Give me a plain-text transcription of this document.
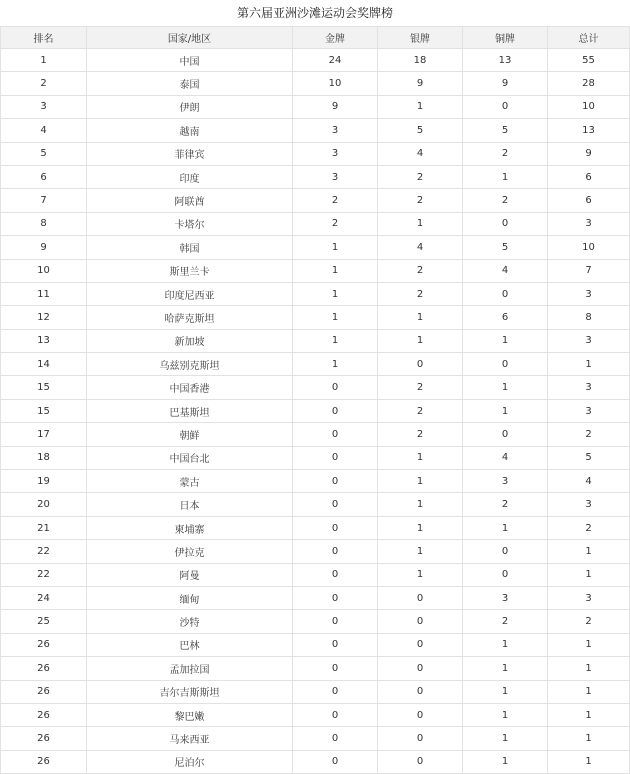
第六届亚洲沙滩运动会奖牌榜
排名	国家/地区	金牌	银牌	铜牌	总计
1	中国	24	18	13	55
2	泰国	10	9	9	28
3	伊朗	9	1	0	10
4	越南	3	5	5	13
5	菲律宾	3	4	2	9
6	印度	3	2	1	6
7	阿联酋	2	2	2	6
8	卡塔尔	2	1	0	3
9	韩国	1	4	5	10
10	斯里兰卡	1	2	4	7
11	印度尼西亚	1	2	0	3
12	哈萨克斯坦	1	1	6	8
13	新加坡	1	1	1	3
14	乌兹别克斯坦	1	0	0	1
15	中国香港	0	2	1	3
15	巴基斯坦	0	2	1	3
17	朝鲜	0	2	0	2
18	中国台北	0	1	4	5
19	蒙古	0	1	3	4
20	日本	0	1	2	3
21	柬埔寨	0	1	1	2
22	伊拉克	0	1	0	1
22	阿曼	0	1	0	1
24	缅甸	0	0	3	3
25	沙特	0	0	2	2
26	巴林	0	0	1	1
26	孟加拉国	0	0	1	1
26	吉尔吉斯斯坦	0	0	1	1
26	黎巴嫩	0	0	1	1
26	马来西亚	0	0	1	1
26	尼泊尔	0	0	1	1
